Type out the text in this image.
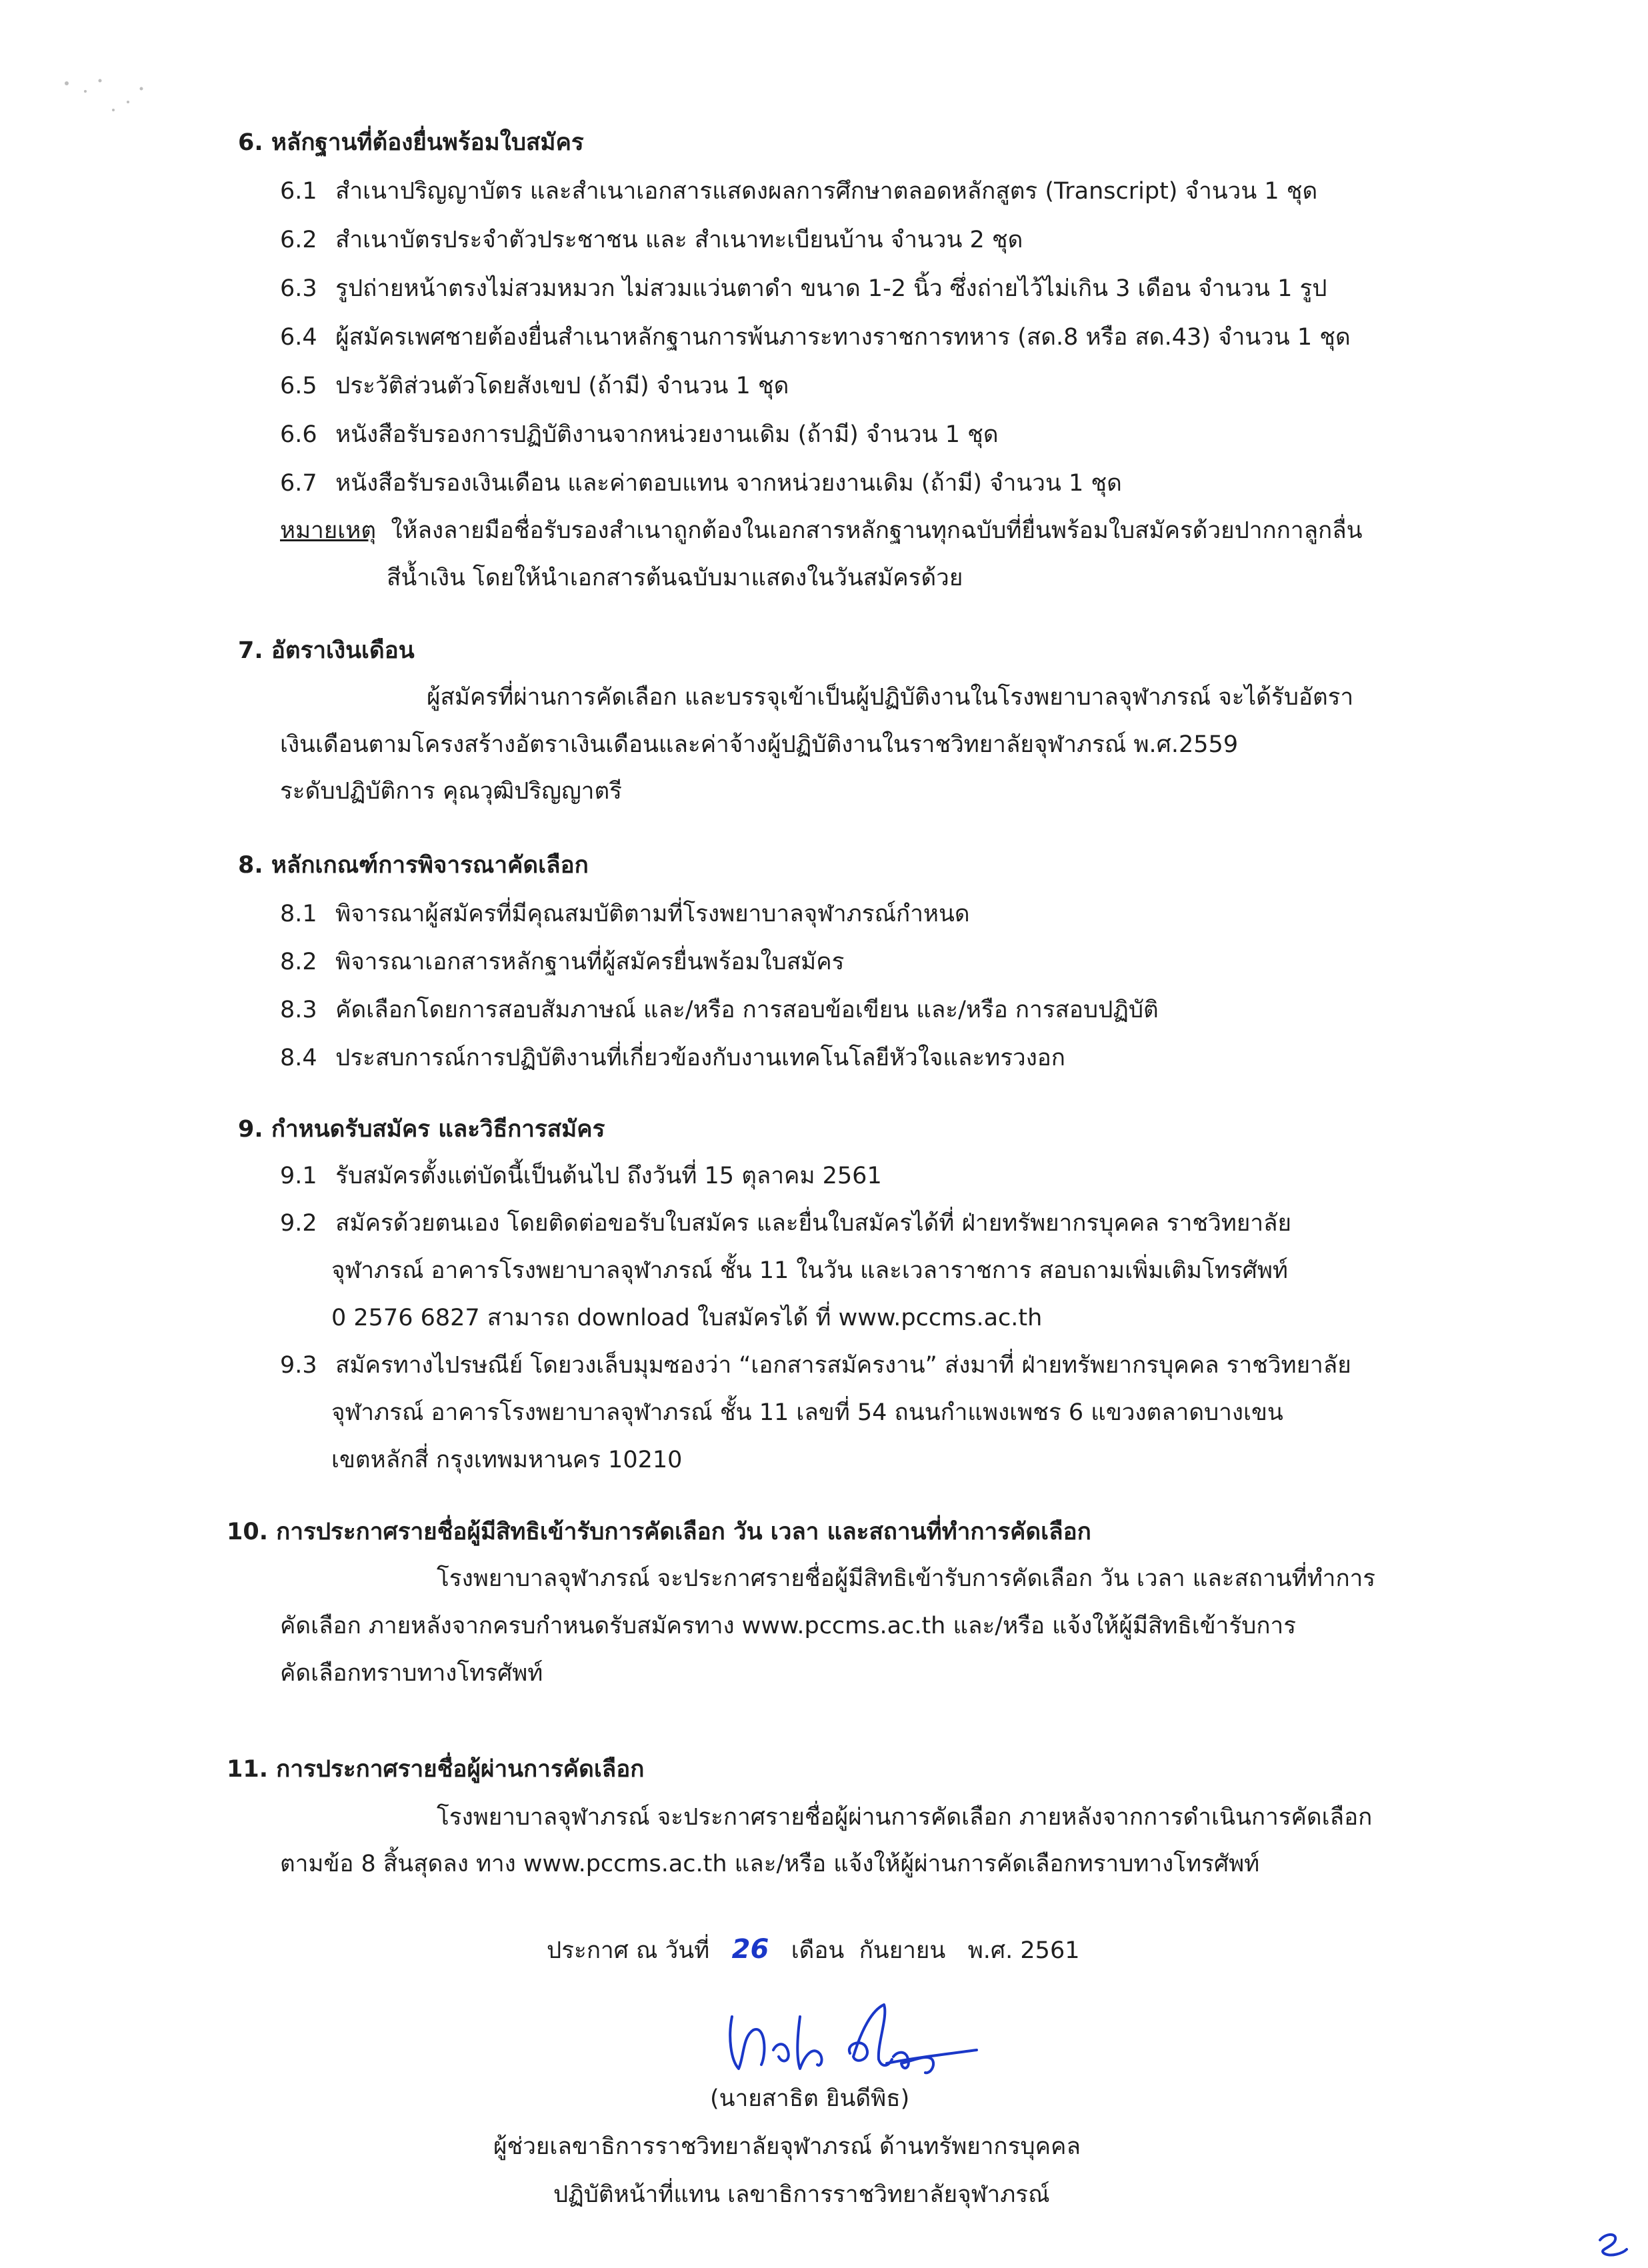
6. หลักฐานที่ต้องยื่นพร้อมใบสมัคร
6.1 สำเนาปริญญาบัตร และสำเนาเอกสารแสดงผลการศึกษาตลอดหลักสูตร (Transcript) จำนวน 1 ชุด
6.2 สำเนาบัตรประจำตัวประชาชน และ สำเนาทะเบียนบ้าน จำนวน 2 ชุด
6.3 รูปถ่ายหน้าตรงไม่สวมหมวก ไม่สวมแว่นตาดำ ขนาด 1-2 นิ้ว ซึ่งถ่ายไว้ไม่เกิน 3 เดือน จำนวน 1 รูป
6.4 ผู้สมัครเพศชายต้องยื่นสำเนาหลักฐานการพ้นภาระทางราชการทหาร (สด.8 หรือ สด.43) จำนวน 1 ชุด
6.5 ประวัติส่วนตัวโดยสังเขป (ถ้ามี) จำนวน 1 ชุด
6.6 หนังสือรับรองการปฏิบัติงานจากหน่วยงานเดิม (ถ้ามี) จำนวน 1 ชุด
6.7 หนังสือรับรองเงินเดือน และค่าตอบแทน จากหน่วยงานเดิม (ถ้ามี) จำนวน 1 ชุด
หมายเหตุ ให้ลงลายมือชื่อรับรองสำเนาถูกต้องในเอกสารหลักฐานทุกฉบับที่ยื่นพร้อมใบสมัครด้วยปากกาลูกลื่น
สีน้ำเงิน โดยให้นำเอกสารต้นฉบับมาแสดงในวันสมัครด้วย
7. อัตราเงินเดือน
ผู้สมัครที่ผ่านการคัดเลือก และบรรจุเข้าเป็นผู้ปฏิบัติงานในโรงพยาบาลจุฬาภรณ์ จะได้รับอัตรา
เงินเดือนตามโครงสร้างอัตราเงินเดือนและค่าจ้างผู้ปฏิบัติงานในราชวิทยาลัยจุฬาภรณ์ พ.ศ.2559
ระดับปฏิบัติการ คุณวุฒิปริญญาตรี
8. หลักเกณฑ์การพิจารณาคัดเลือก
8.1 พิจารณาผู้สมัครที่มีคุณสมบัติตามที่โรงพยาบาลจุฬาภรณ์กำหนด
8.2 พิจารณาเอกสารหลักฐานที่ผู้สมัครยื่นพร้อมใบสมัคร
8.3 คัดเลือกโดยการสอบสัมภาษณ์ และ/หรือ การสอบข้อเขียน และ/หรือ การสอบปฏิบัติ
8.4 ประสบการณ์การปฏิบัติงานที่เกี่ยวข้องกับงานเทคโนโลยีหัวใจและทรวงอก
9. กำหนดรับสมัคร และวิธีการสมัคร
9.1 รับสมัครตั้งแต่บัดนี้เป็นต้นไป ถึงวันที่ 15 ตุลาคม 2561
9.2 สมัครด้วยตนเอง โดยติดต่อขอรับใบสมัคร และยื่นใบสมัครได้ที่ ฝ่ายทรัพยากรบุคคล ราชวิทยาลัย
จุฬาภรณ์ อาคารโรงพยาบาลจุฬาภรณ์ ชั้น 11 ในวัน และเวลาราชการ สอบถามเพิ่มเติมโทรศัพท์
0 2576 6827 สามารถ download ใบสมัครได้ ที่ www.pccms.ac.th
9.3 สมัครทางไปรษณีย์ โดยวงเล็บมุมซองว่า “เอกสารสมัครงาน” ส่งมาที่ ฝ่ายทรัพยากรบุคคล ราชวิทยาลัย
จุฬาภรณ์ อาคารโรงพยาบาลจุฬาภรณ์ ชั้น 11 เลขที่ 54 ถนนกำแพงเพชร 6 แขวงตลาดบางเขน
เขตหลักสี่ กรุงเทพมหานคร 10210
10. การประกาศรายชื่อผู้มีสิทธิเข้ารับการคัดเลือก วัน เวลา และสถานที่ทำการคัดเลือก
โรงพยาบาลจุฬาภรณ์ จะประกาศรายชื่อผู้มีสิทธิเข้ารับการคัดเลือก วัน เวลา และสถานที่ทำการ
คัดเลือก ภายหลังจากครบกำหนดรับสมัครทาง www.pccms.ac.th และ/หรือ แจ้งให้ผู้มีสิทธิเข้ารับการ
คัดเลือกทราบทางโทรศัพท์
11. การประกาศรายชื่อผู้ผ่านการคัดเลือก
โรงพยาบาลจุฬาภรณ์ จะประกาศรายชื่อผู้ผ่านการคัดเลือก ภายหลังจากการดำเนินการคัดเลือก
ตามข้อ 8 สิ้นสุดลง ทาง www.pccms.ac.th และ/หรือ แจ้งให้ผู้ผ่านการคัดเลือกทราบทางโทรศัพท์
ประกาศ ณ วันที่ 26 เดือน กันยายน พ.ศ. 2561
(นายสาธิต ยินดีพิธ)
ผู้ช่วยเลขาธิการราชวิทยาลัยจุฬาภรณ์ ด้านทรัพยากรบุคคล
ปฏิบัติหน้าที่แทน เลขาธิการราชวิทยาลัยจุฬาภรณ์
